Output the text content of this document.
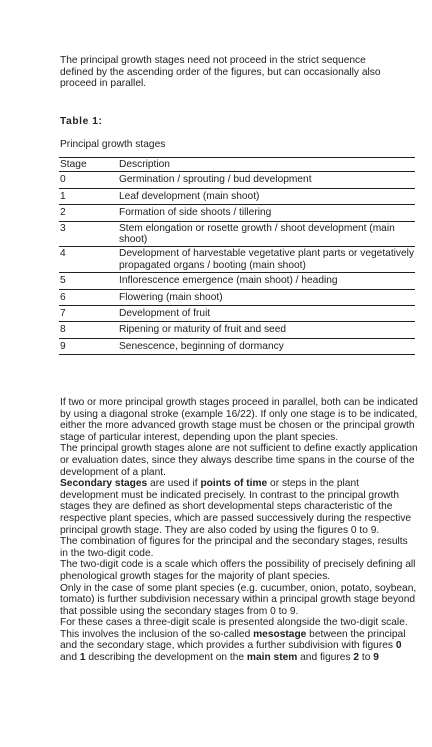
The principal growth stages need not proceed in the strict sequence defined by the ascending order of the figures, but can occasionally also proceed in parallel.
Table 1:
Principal growth stages
Stage	Description
0	Germination / sprouting / bud development
1	Leaf development (main shoot)
2	Formation of side shoots / tillering
3	Stem elongation or rosette growth / shoot development (main shoot)
4	Development of harvestable vegetative plant parts or vegetatively propagated organs / booting (main shoot)
5	Inflorescence emergence (main shoot) / heading
6	Flowering (main shoot)
7	Development of fruit
8	Ripening or maturity of fruit and seed
9	Senescence, beginning of dormancy

If two or more principal growth stages proceed in parallel, both can be indicated by using a diagonal stroke (example 16/22). If only one stage is to be indicated, either the more advanced growth stage must be chosen or the principal growth stage of particular interest, depending upon the plant species.

The principal growth stages alone are not sufficient to define exactly application or evaluation dates, since they always describe time spans in the course of the development of a plant.

Secondary stages are used if points of time or steps in the plant development must be indicated precisely. In contrast to the principal growth stages they are defined as short developmental steps characteristic of the respective plant species, which are passed successively during the respective principal growth stage. They are also coded by using the figures 0 to 9.

The combination of figures for the principal and the secondary stages, results in the two-digit code.

The two-digit code is a scale which offers the possibility of precisely defining all phenological growth stages for the majority of plant species.

Only in the case of some plant species (e.g. cucumber, onion, potato, soybean, tomato) is further subdivision necessary within a principal growth stage beyond that possible using the secondary stages from 0 to 9.

For these cases a three-digit scale is presented alongside the two-digit scale. This involves the inclusion of the so-called mesostage between the principal and the secondary stage, which provides a further subdivision with figures 0 and 1 describing the development on the main stem and figures 2 to 9
